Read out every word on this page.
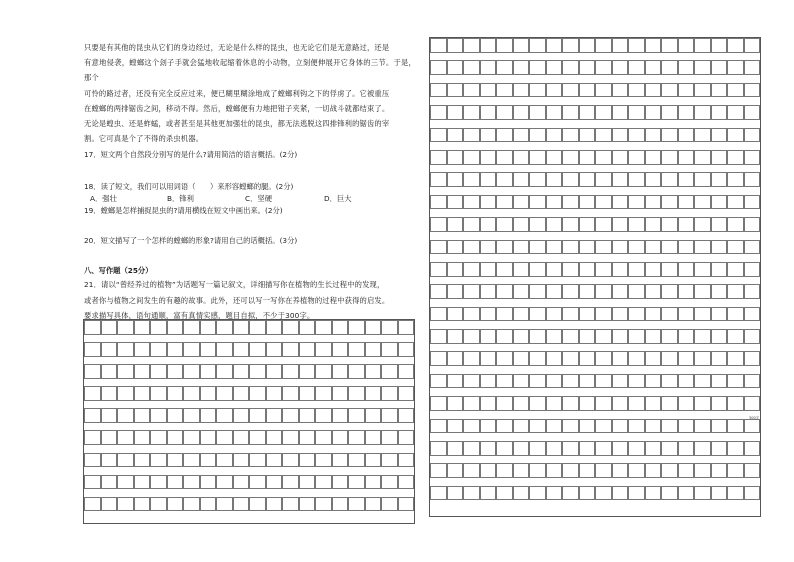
只要是有其他的昆虫从它们的身边经过，无论是什么样的昆虫，也无论它们是无意路过，还是

有意地侵袭，螳螂这个刽子手就会猛地收起缩着休息的小动物，立刻便伸展开它身体的三节。于是，那个

可怜的路过者，还没有完全反应过来，便已糊里糊涂地成了螳螂利钩之下的俘虏了。它被重压

在螳螂的两排锯齿之间，移动不得。然后，螳螂便有力地把钳子夹紧，一切战斗就都结束了。

无论是蝗虫、还是蚱蜢，或者甚至是其他更加强壮的昆虫，都无法逃脱这四排锋利的锯齿的宰

割。它可真是个了不得的杀虫机器。

17．短文两个自然段分别写的是什么?请用简洁的语言概括。(2分)

18．读了短文，我们可以用词语（　　）来形容螳螂的腿。(2分)

A．强壮	B．锋利	C．坚硬	D．巨大

19．螳螂是怎样捕捉昆虫的?请用横线在短文中画出来。(2分)

20．短文描写了一个怎样的螳螂的形象?请用自己的话概括。(3分)

八、写作题（25分）

21．请以“曾经养过的植物”为话题写一篇记叙文，详细描写你在植物的生长过程中的发现，

或者你与植物之间发生的有趣的故事。此外，还可以写一写你在养植物的过程中获得的启发。

要求描写具体，语句通顺，富有真情实感，题目自拟，不少于300字。

300字
